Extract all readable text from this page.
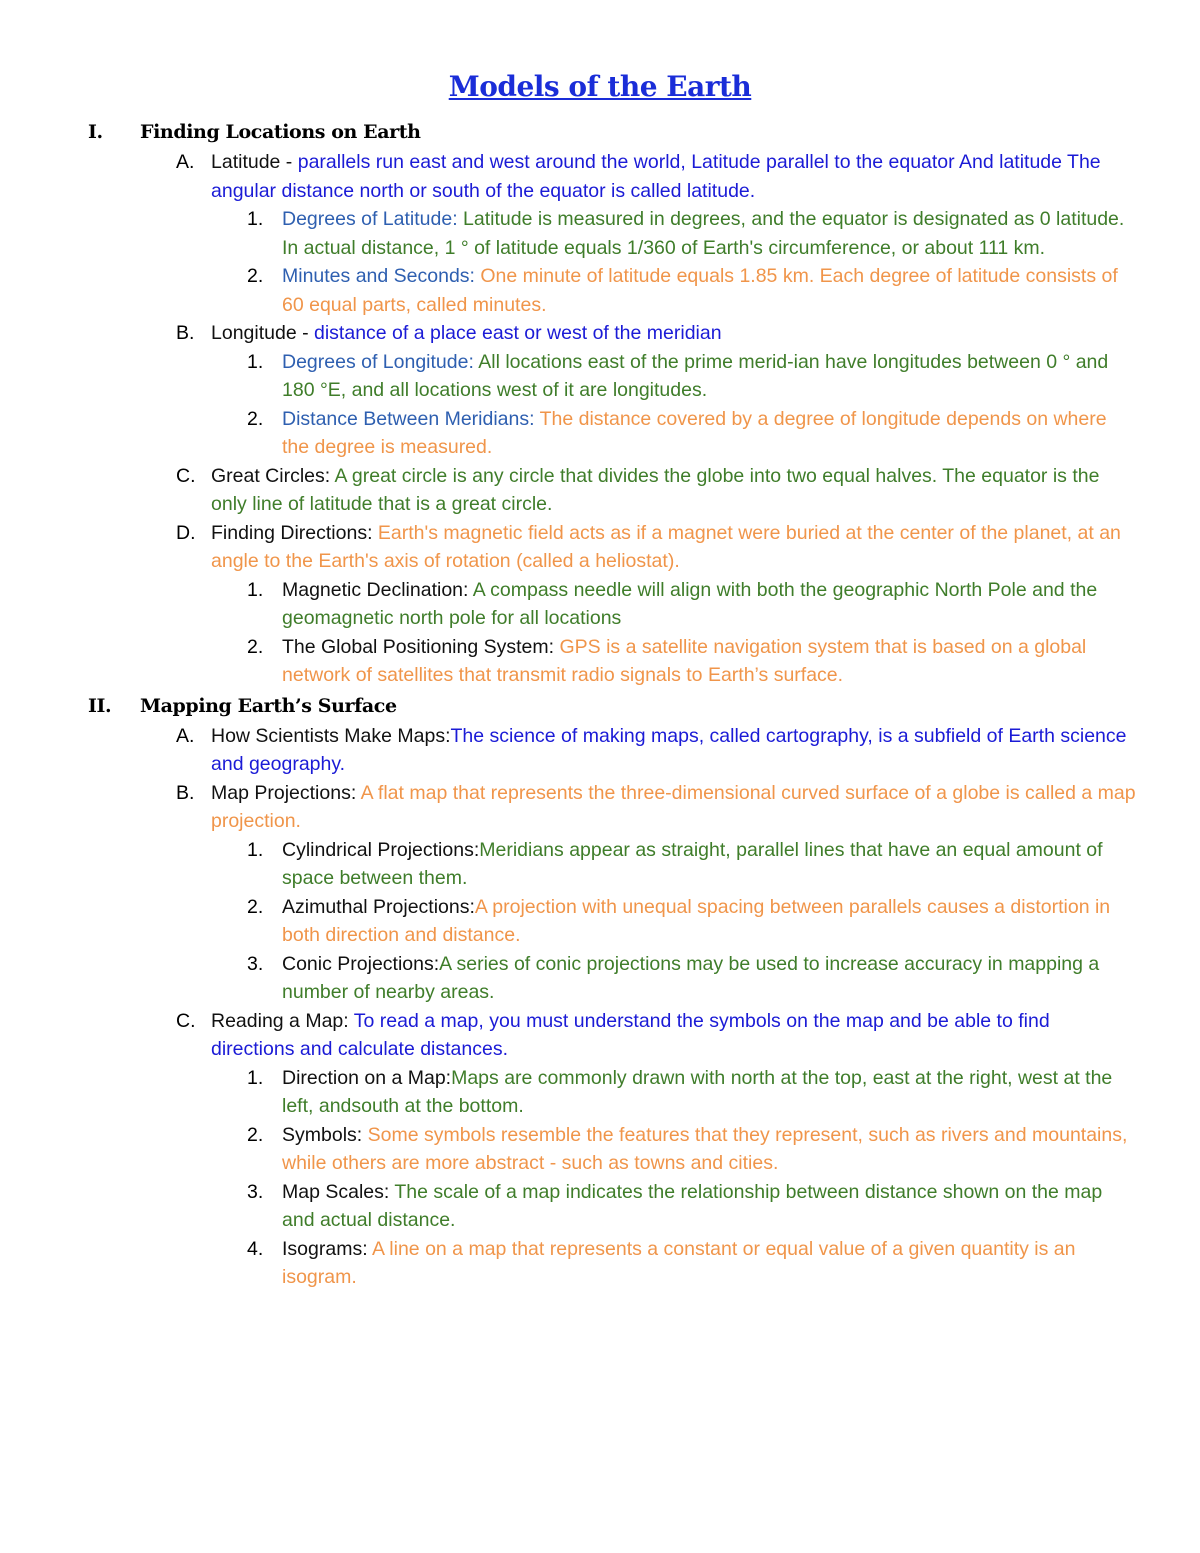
Models of the Earth
I. Finding Locations on Earth
A. Latitude - parallels run east and west around the world, Latitude parallel to the equator And latitude The angular distance north or south of the equator is called latitude.
1. Degrees of Latitude: Latitude is measured in degrees, and the equator is designated as 0 latitude. In actual distance, 1 ° of latitude equals 1/360 of Earth's circumference, or about 111 km.
2. Minutes and Seconds: One minute of latitude equals 1.85 km. Each degree of latitude consists of 60 equal parts, called minutes.
B. Longitude - distance of a place east or west of the meridian
1. Degrees of Longitude: All locations east of the prime merid-ian have longitudes between 0 ° and 180 °E, and all locations west of it are longitudes.
2. Distance Between Meridians: The distance covered by a degree of longitude depends on where the degree is measured.
C. Great Circles: A great circle is any circle that divides the globe into two equal halves. The equator is the only line of latitude that is a great circle.
D. Finding Directions: Earth's magnetic field acts as if a magnet were buried at the center of the planet, at an angle to the Earth's axis of rotation (called a heliostat).
1. Magnetic Declination: A compass needle will align with both the geographic North Pole and the geomagnetic north pole for all locations
2. The Global Positioning System: GPS is a satellite navigation system that is based on a global network of satellites that transmit radio signals to Earth’s surface.
II. Mapping Earth’s Surface
A. How Scientists Make Maps:The science of making maps, called cartography, is a subfield of Earth science and geography.
B. Map Projections: A flat map that represents the three-dimensional curved surface of a globe is called a map projection.
1. Cylindrical Projections:Meridians appear as straight, parallel lines that have an equal amount of space between them.
2. Azimuthal Projections:A projection with unequal spacing between parallels causes a distortion in both direction and distance.
3. Conic Projections:A series of conic projections may be used to increase accuracy in mapping a number of nearby areas.
C. Reading a Map: To read a map, you must understand the symbols on the map and be able to find directions and calculate distances.
1. Direction on a Map:Maps are commonly drawn with north at the top, east at the right, west at the left, andsouth at the bottom.
2. Symbols: Some symbols resemble the features that they represent, such as rivers and mountains, while others are more abstract - such as towns and cities.
3. Map Scales: The scale of a map indicates the relationship between distance shown on the map and actual distance.
4. Isograms: A line on a map that represents a constant or equal value of a given quantity is an isogram.
